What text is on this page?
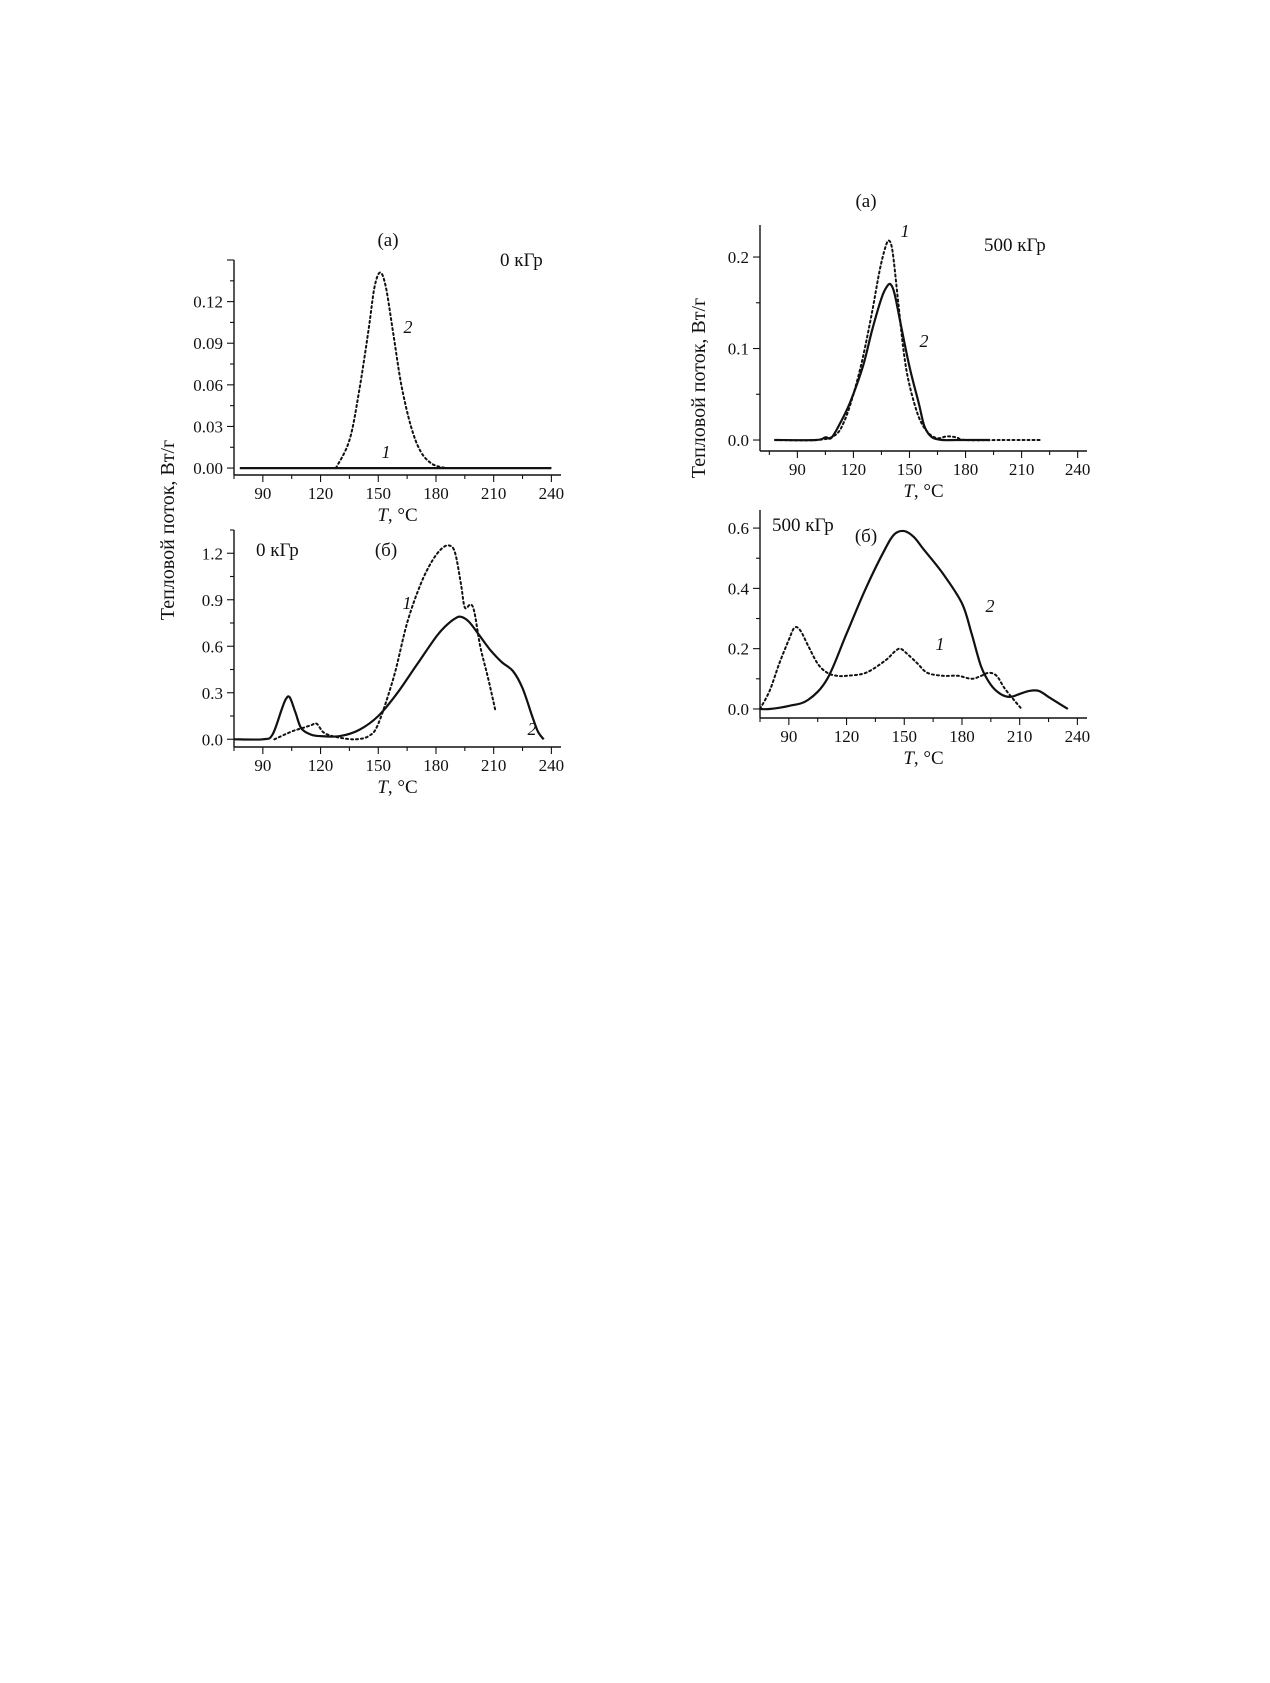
Тепловой поток, Вт/г
Тепловой поток, Вт/г
90 120 150 180 210 240
0.00
0.03
0.06
0.09
0.12
T, °C
(a)
0 кГр
1
2
90 120 150 180 210 240
0.0
0.3
0.6
0.9
1.2
T, °C
(б)
0 кГр
1
2
90 120 150 180 210 240
0.0
0.1
0.2
T, °C
(a)
500 кГр
1
2
90 120 150 180 210 240
0.0
0.2
0.4
0.6
T, °C
(б)
500 кГр
1
2
